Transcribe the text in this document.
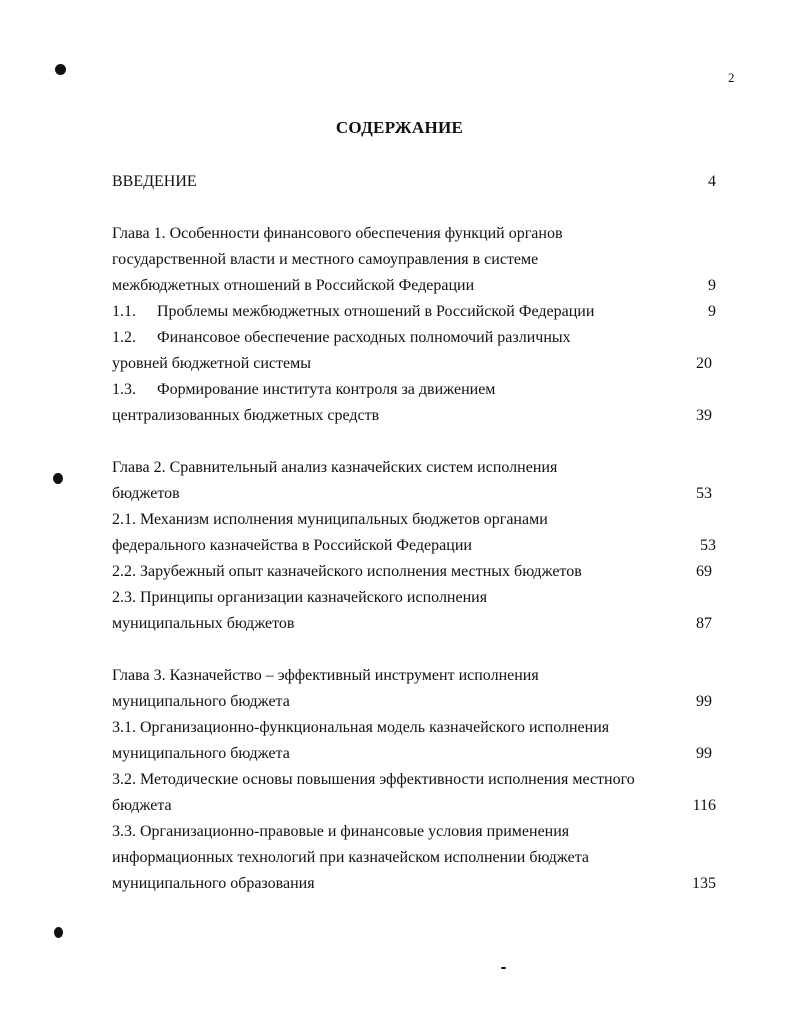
2
СОДЕРЖАНИЕ
ВВЕДЕНИЕ	4
Глава 1. Особенности финансового обеспечения функций органов
государственной власти и местного самоуправления в системе
межбюджетных отношений в Российской Федерации	9
1.1. Проблемы межбюджетных отношений в Российской Федерации	9
1.2. Финансовое обеспечение расходных полномочий различных
уровней бюджетной системы	20
1.3. Формирование института контроля за движением
централизованных бюджетных средств	39
Глава 2. Сравнительный анализ казначейских систем исполнения
бюджетов	53
2.1. Механизм исполнения муниципальных бюджетов органами
федерального казначейства в Российской Федерации	53
2.2. Зарубежный опыт казначейского исполнения местных бюджетов	69
2.3. Принципы организации казначейского исполнения
муниципальных бюджетов	87
Глава 3. Казначейство – эффективный инструмент исполнения
муниципального бюджета	99
3.1. Организационно-функциональная модель казначейского исполнения
муниципального бюджета	99
3.2. Методические основы повышения эффективности исполнения местного
бюджета	116
3.3. Организационно-правовые и финансовые условия применения
информационных технологий при казначейском исполнении бюджета
муниципального образования	135
